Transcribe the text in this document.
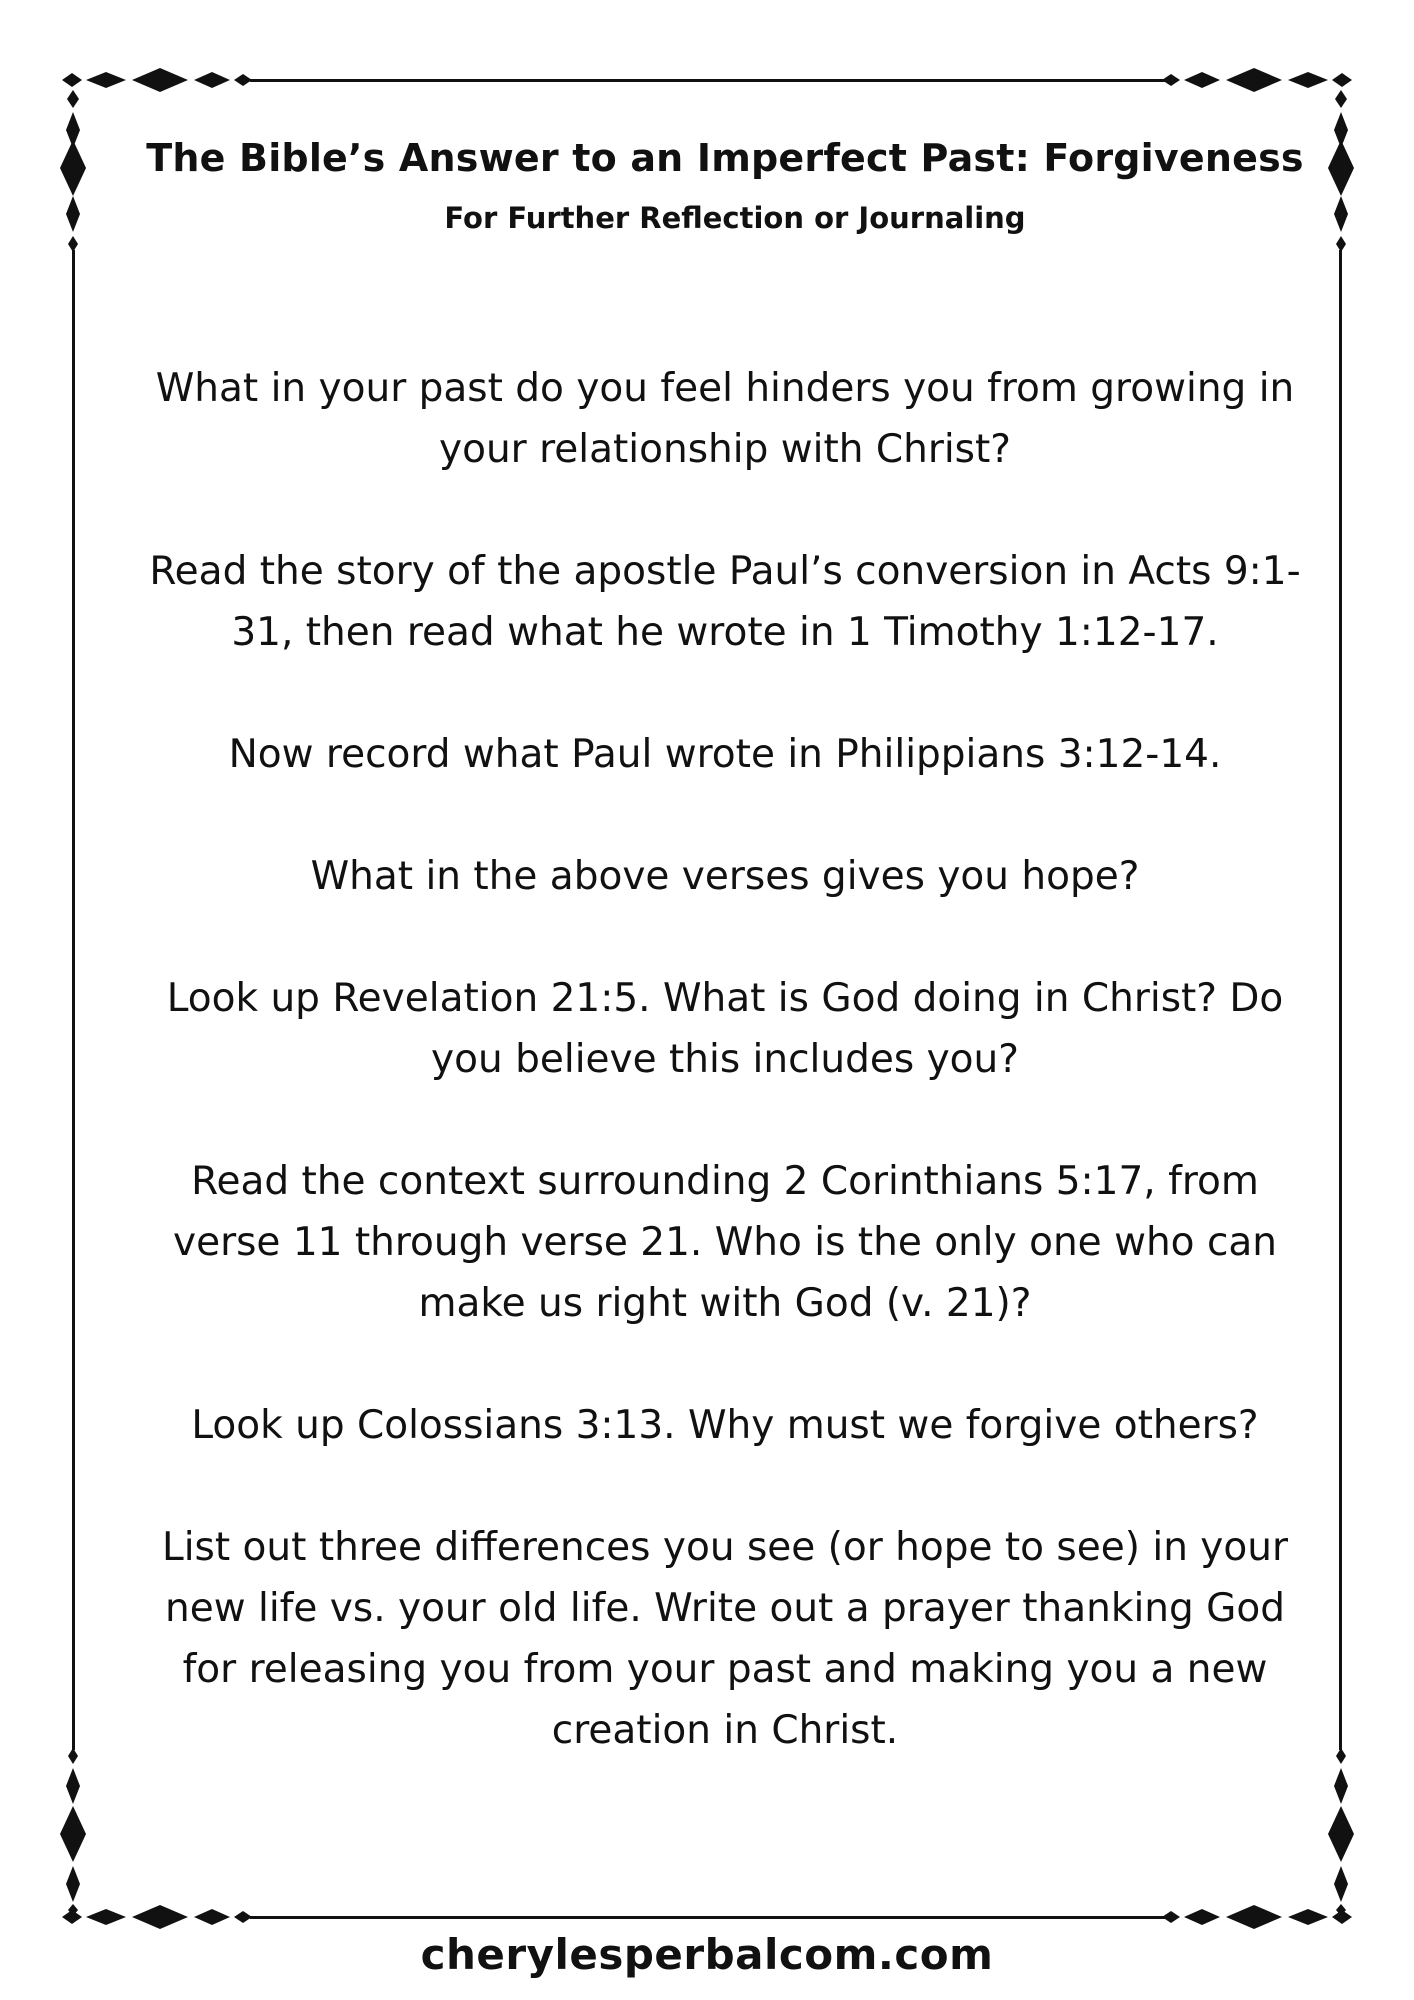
The Bible’s Answer to an Imperfect Past: Forgiveness
For Further Reflection or Journaling
What in your past do you feel hinders you from growing in your relationship with Christ?
Read the story of the apostle Paul’s conversion in Acts 9:1-31, then read what he wrote in 1 Timothy 1:12-17.
Now record what Paul wrote in Philippians 3:12-14.
What in the above verses gives you hope?
Look up Revelation 21:5. What is God doing in Christ? Do you believe this includes you?
Read the context surrounding 2 Corinthians 5:17, from verse 11 through verse 21. Who is the only one who can make us right with God (v. 21)?
Look up Colossians 3:13. Why must we forgive others?
List out three differences you see (or hope to see) in your new life vs. your old life. Write out a prayer thanking God for releasing you from your past and making you a new creation in Christ.
cherylesperbalcom.com
